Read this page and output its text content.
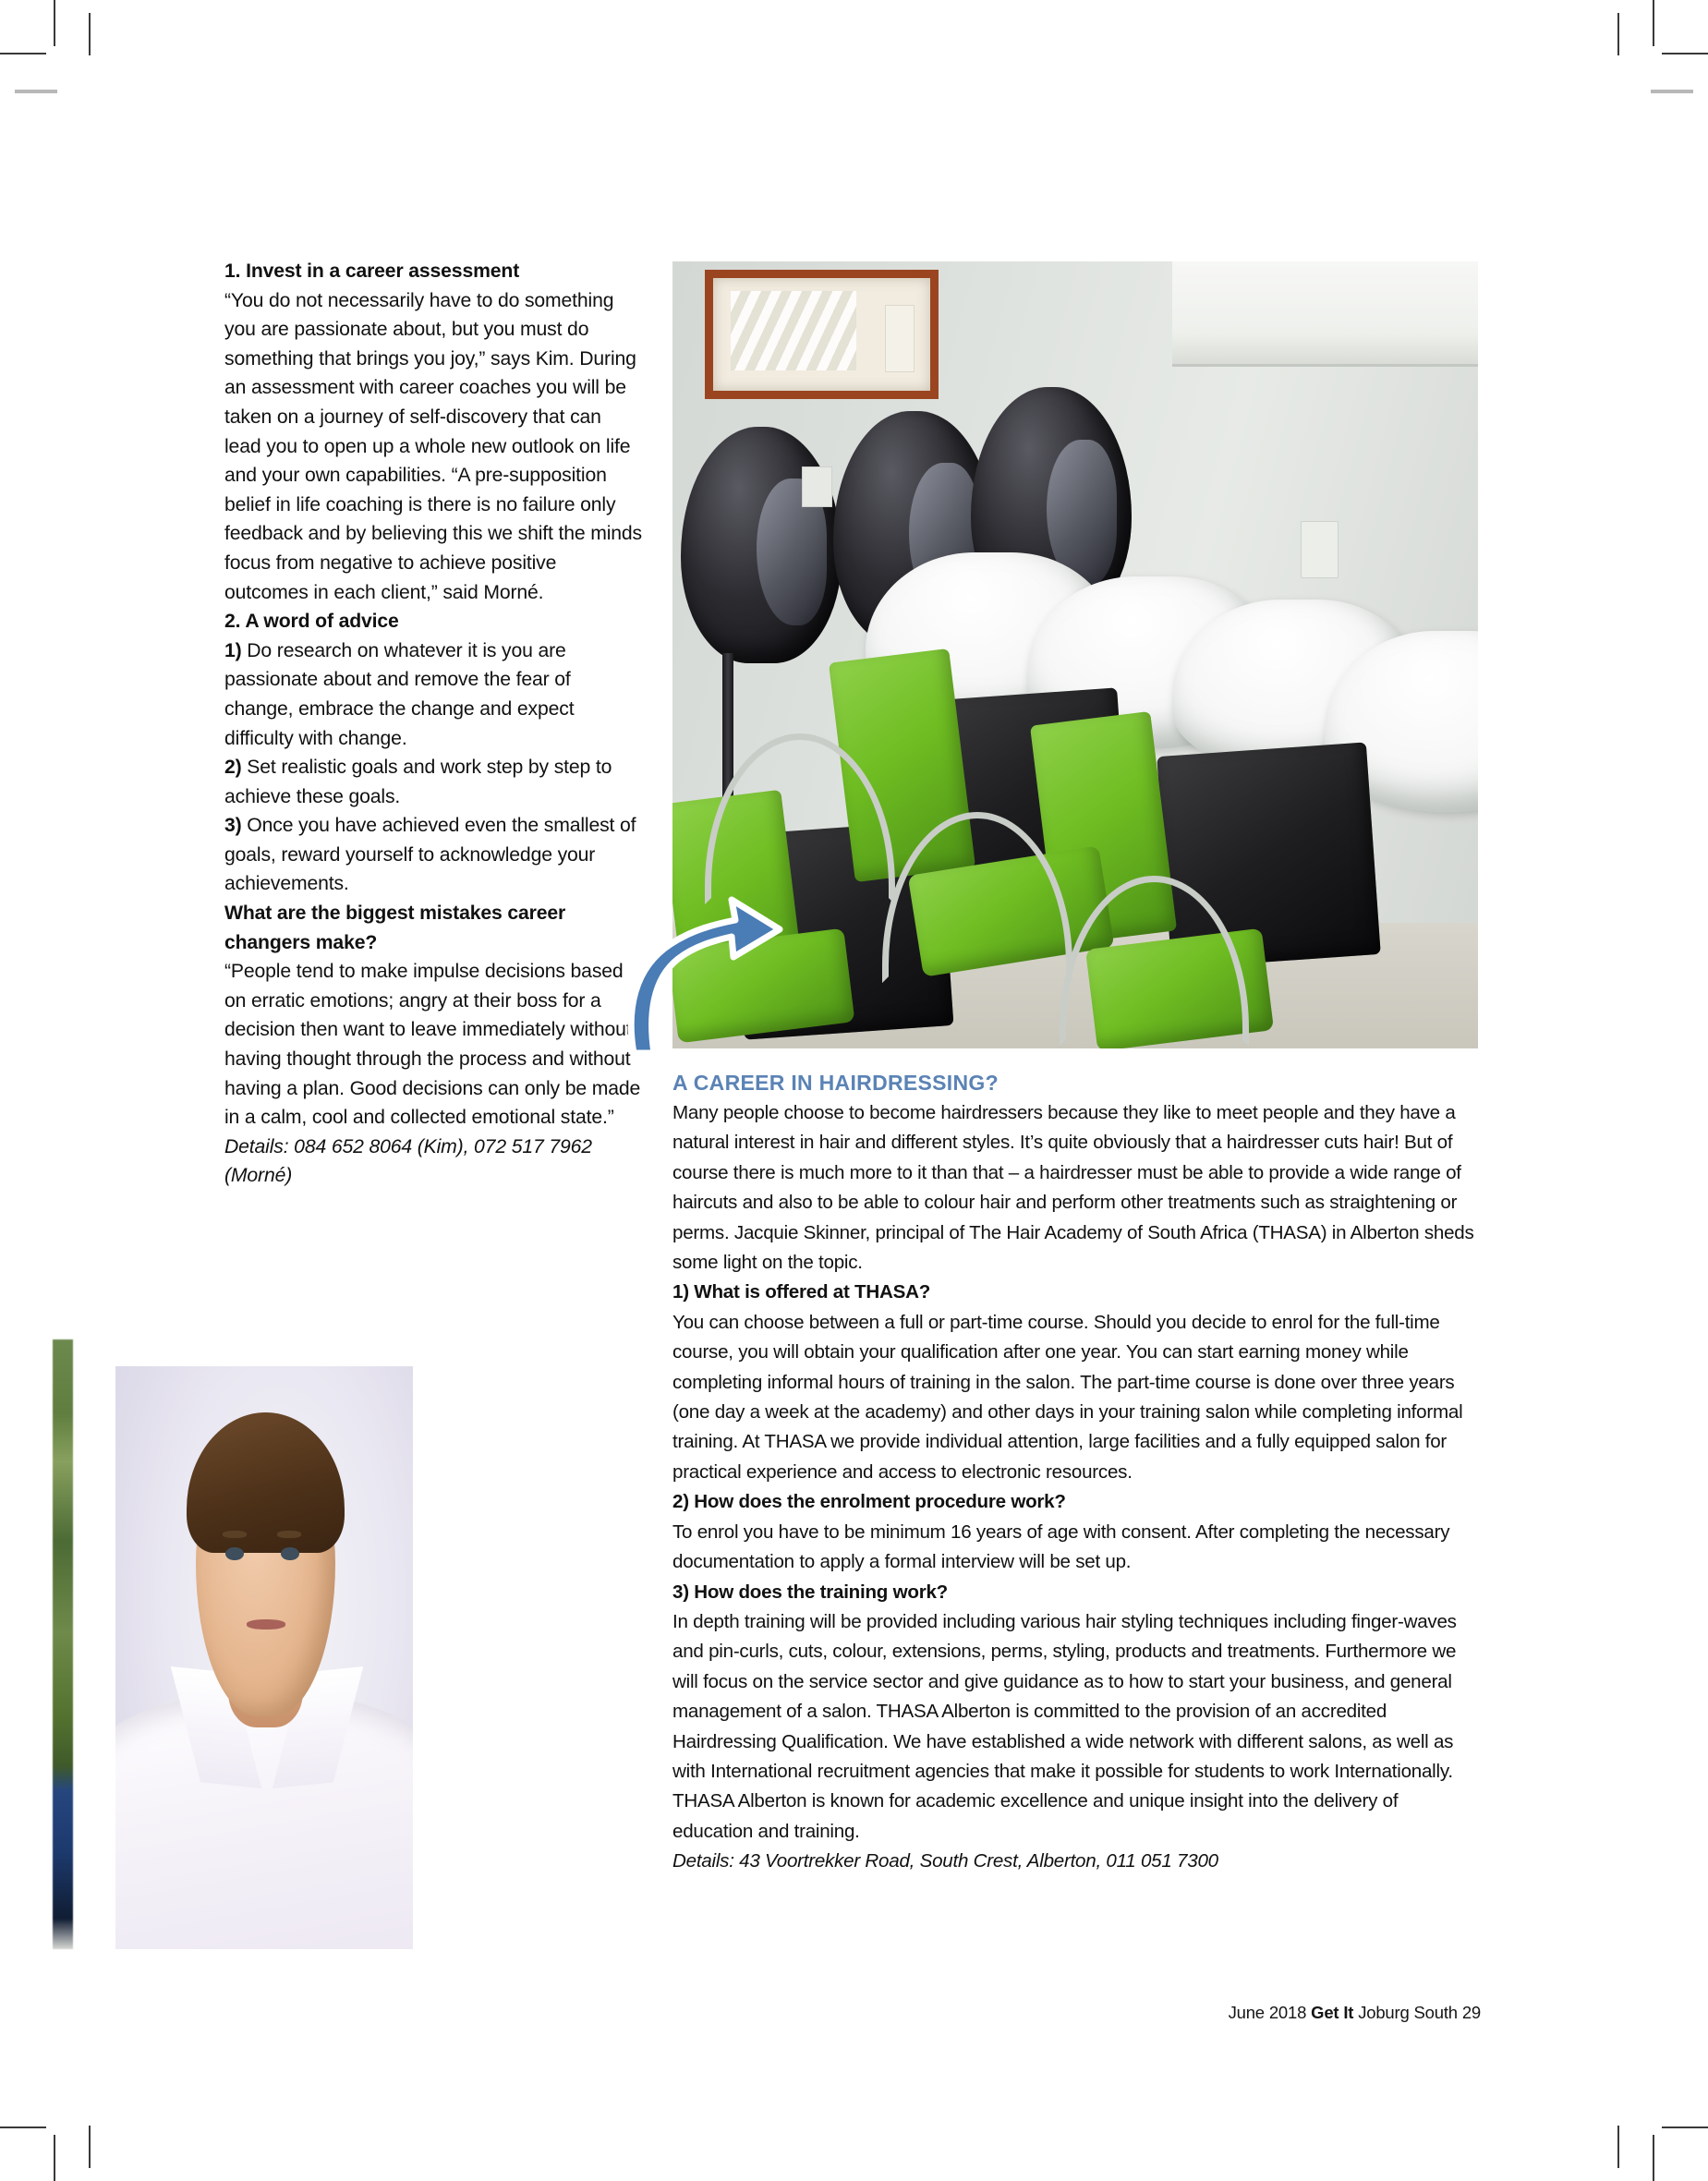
1. Invest in a career assessment

“You do not necessarily have to do something you are passionate about, but you must do something that brings you joy,” says Kim. During an assessment with career coaches you will be taken on a journey of self-discovery that can lead you to open up a whole new outlook on life and your own capabilities. “A pre-supposition belief in life coaching is there is no failure only feedback and by believing this we shift the minds focus from negative to achieve positive outcomes in each client,” said Morné.

2. A word of advice

1) Do research on whatever it is you are passionate about and remove the fear of change, embrace the change and expect difficulty with change.

2) Set realistic goals and work step by step to achieve these goals.

3) Once you have achieved even the smallest of goals, reward yourself to acknowledge your achievements.

What are the biggest mistakes career changers make?

“People tend to make impulse decisions based on erratic emotions; angry at their boss for a decision then want to leave immediately without having thought through the process and without having a plan. Good decisions can only be made in a calm, cool and collected emotional state.”

Details: 084 652 8064 (Kim), 072 517 7962 (Morné)

A CAREER IN HAIRDRESSING?

Many people choose to become hairdressers because they like to meet people and they have a natural interest in hair and different styles. It’s quite obviously that a hairdresser cuts hair! But of course there is much more to it than that – a hairdresser must be able to provide a wide range of haircuts and also to be able to colour hair and perform other treatments such as straightening or perms. Jacquie Skinner, principal of The Hair Academy of South Africa (THASA) in Alberton sheds some light on the topic.

1) What is offered at THASA?

You can choose between a full or part-time course. Should you decide to enrol for the full-time course, you will obtain your qualification after one year. You can start earning money while completing informal hours of training in the salon. The part-time course is done over three years (one day a week at the academy) and other days in your training salon while completing informal training. At THASA we provide individual attention, large facilities and a fully equipped salon for practical experience and access to electronic resources.

2) How does the enrolment procedure work?

To enrol you have to be minimum 16 years of age with consent. After completing the necessary documentation to apply a formal interview will be set up.

3) How does the training work?

In depth training will be provided including various hair styling techniques including finger-waves and pin-curls, cuts, colour, extensions, perms, styling, products and treatments. Furthermore we will focus on the service sector and give guidance as to how to start your business, and general management of a salon. THASA Alberton is committed to the provision of an accredited Hairdressing Qualification. We have established a wide network with different salons, as well as with International recruitment agencies that make it possible for students to work Internationally. THASA Alberton is known for academic excellence and unique insight into the delivery of education and training.

Details: 43 Voortrekker Road, South Crest, Alberton, 011 051 7300

June 2018 Get It Joburg South 29
